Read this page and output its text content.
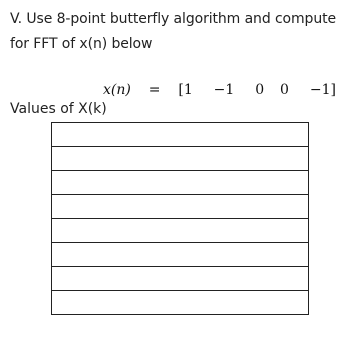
V. Use 8-point butterfly algorithm and compute
for FFT of x(n) below
x(n) = [1 −1 0 0 −1]
Values of X(k)
